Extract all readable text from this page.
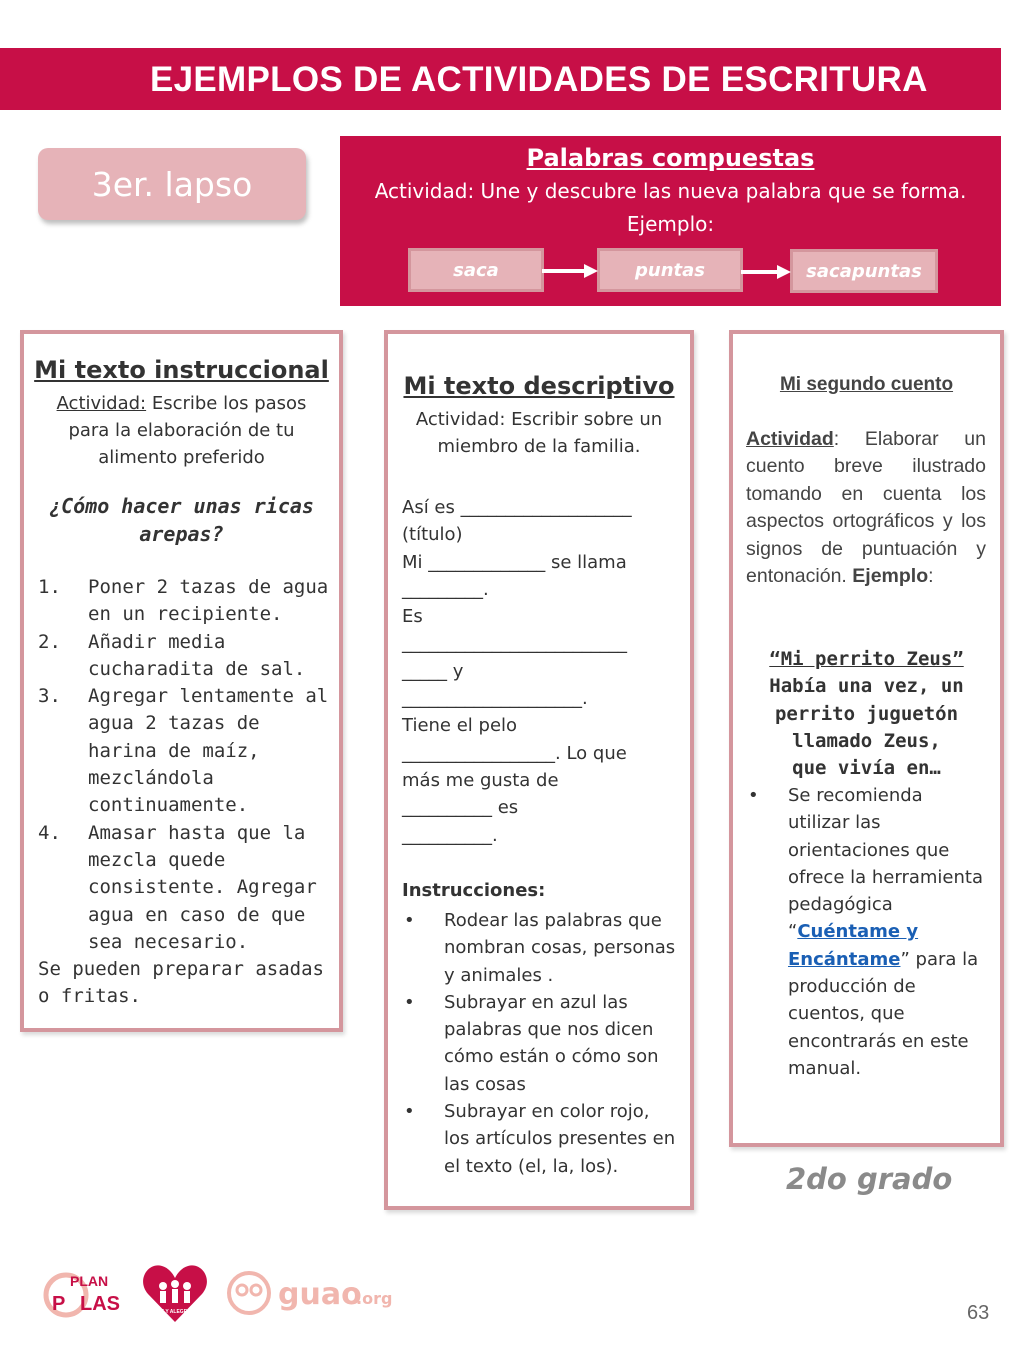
EJEMPLOS DE ACTIVIDADES DE ESCRITURA
3er. lapso
Palabras compuestas
Actividad: Une y descubre las nueva palabra que se forma.
Ejemplo:
saca	puntas	sacapuntas
Mi texto instruccional
Actividad: Escribe los pasos para la elaboración de tu alimento preferido
¿Cómo hacer unas ricas arepas?
1. Poner 2 tazas de agua en un recipiente.
2. Añadir media cucharadita de sal.
3. Agregar lentamente al agua 2 tazas de harina de maíz, mezclándola continuamente.
4. Amasar hasta que la mezcla quede consistente. Agregar agua en caso de que sea necesario.
Se pueden preparar asadas o fritas.
Mi texto descriptivo
Actividad: Escribir sobre un miembro de la familia.
Así es ___________________
(título)
Mi _____________ se llama
_________.
Es
_________________________
_____ y
____________________.
Tiene el pelo
_________________. Lo que
más me gusta de
__________ es
__________.
Instrucciones:
• Rodear las palabras que nombran cosas, personas y animales .
• Subrayar en azul las palabras que nos dicen cómo están o cómo son las cosas
• Subrayar en color rojo, los artículos presentes en el texto (el, la, los).
Mi segundo cuento
Actividad: Elaborar un cuento breve ilustrado tomando en cuenta los aspectos ortográficos y los signos de puntuación y entonación. Ejemplo:
“Mi perrito Zeus”
Había una vez, un
perrito juguetón
llamado Zeus,
que vivía en…
• Se recomienda utilizar las orientaciones que ofrece la herramienta pedagógica “Cuéntame y Encántame” para la producción de cuentos, que encontrarás en este manual.
2do grado
PLAN
P LAS	FE Y ALEGRIA	guao
.org
63
